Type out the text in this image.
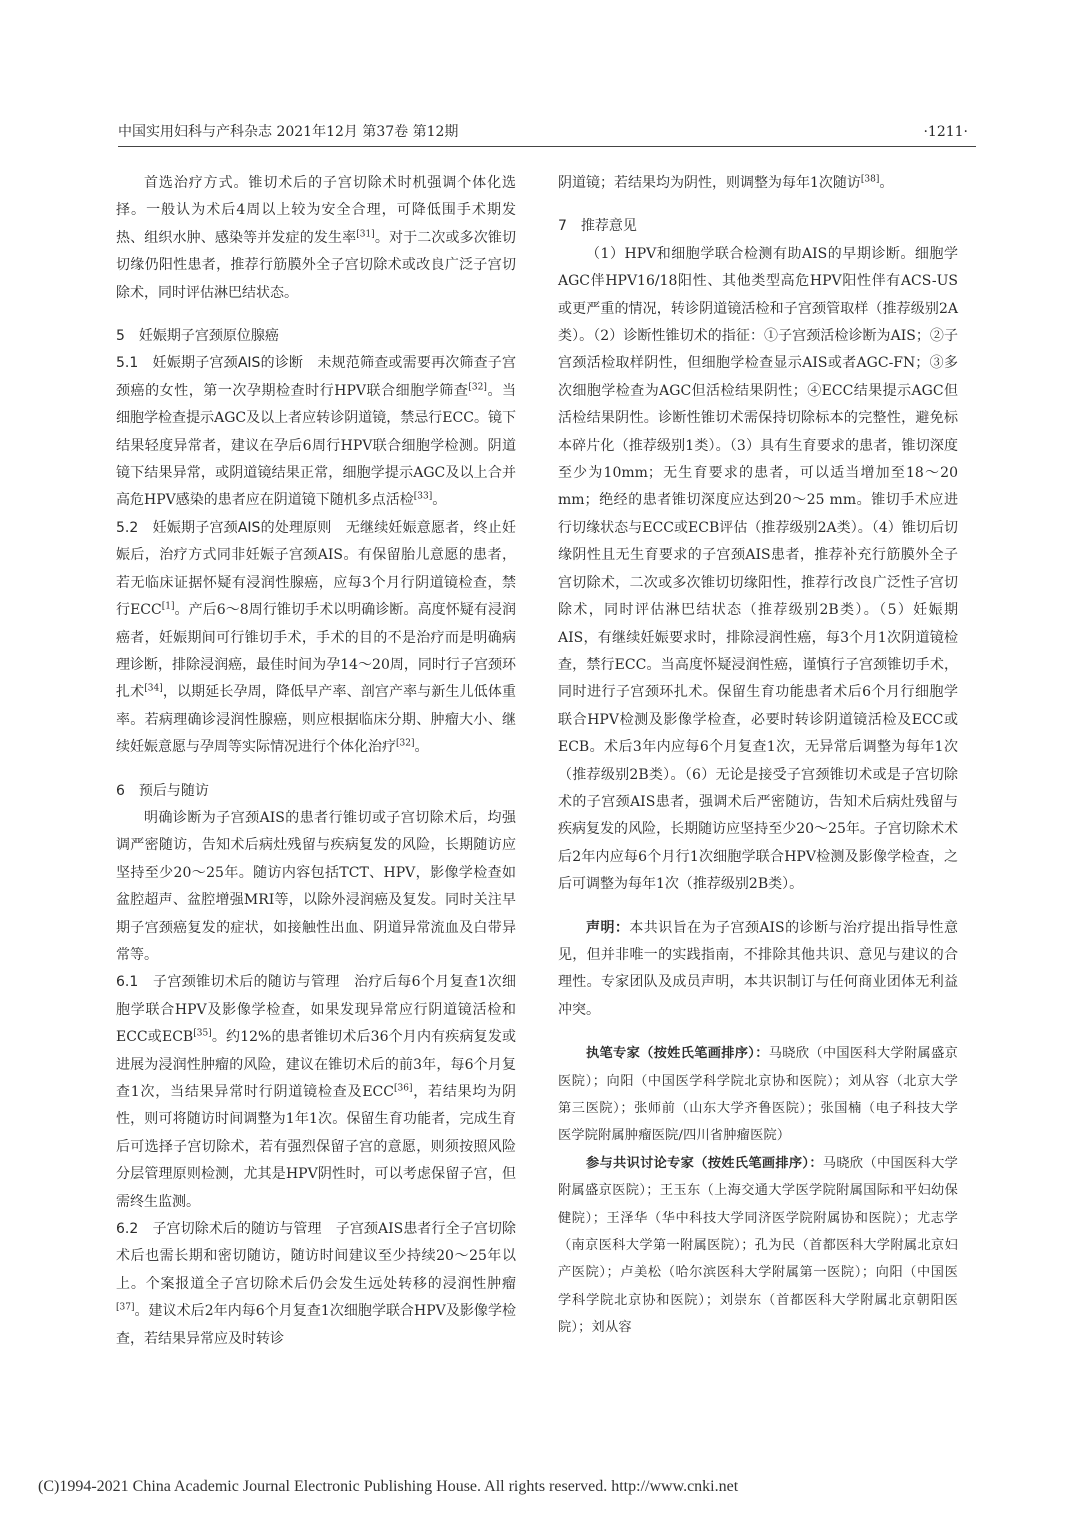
中国实用妇科与产科杂志 2021年12月 第37卷 第12期	·1211·

首选治疗方式。锥切术后的子宫切除术时机强调个体化选择。一般认为术后4周以上较为安全合理，可降低围手术期发热、组织水肿、感染等并发症的发生率[31]。对于二次或多次锥切切缘仍阳性患者，推荐行筋膜外全子宫切除术或改良广泛子宫切除术，同时评估淋巴结状态。

5 妊娠期子宫颈原位腺癌

5.1　妊娠期子宫颈AIS的诊断　未规范筛查或需要再次筛查子宫颈癌的女性，第一次孕期检查时行HPV联合细胞学筛查[32]。当细胞学检查提示AGC及以上者应转诊阴道镜，禁忌行ECC。镜下结果轻度异常者，建议在孕后6周行HPV联合细胞学检测。阴道镜下结果异常，或阴道镜结果正常，细胞学提示AGC及以上合并高危HPV感染的患者应在阴道镜下随机多点活检[33]。

5.2　妊娠期子宫颈AIS的处理原则　无继续妊娠意愿者，终止妊娠后，治疗方式同非妊娠子宫颈AIS。有保留胎儿意愿的患者，若无临床证据怀疑有浸润性腺癌，应每3个月行阴道镜检查，禁行ECC[1]。产后6～8周行锥切手术以明确诊断。高度怀疑有浸润癌者，妊娠期间可行锥切手术，手术的目的不是治疗而是明确病理诊断，排除浸润癌，最佳时间为孕14～20周，同时行子宫颈环扎术[34]，以期延长孕周，降低早产率、剖宫产率与新生儿低体重率。若病理确诊浸润性腺癌，则应根据临床分期、肿瘤大小、继续妊娠意愿与孕周等实际情况进行个体化治疗[32]。

6 预后与随访

明确诊断为子宫颈AIS的患者行锥切或子宫切除术后，均强调严密随访，告知术后病灶残留与疾病复发的风险，长期随访应坚持至少20～25年。随访内容包括TCT、HPV，影像学检查如盆腔超声、盆腔增强MRI等，以除外浸润癌及复发。同时关注早期子宫颈癌复发的症状，如接触性出血、阴道异常流血及白带异常等。

6.1　子宫颈锥切术后的随访与管理　治疗后每6个月复查1次细胞学联合HPV及影像学检查，如果发现异常应行阴道镜活检和ECC或ECB[35]。约12%的患者锥切术后36个月内有疾病复发或进展为浸润性肿瘤的风险，建议在锥切术后的前3年，每6个月复查1次，当结果异常时行阴道镜检查及ECC[36]，若结果均为阴性，则可将随访时间调整为1年1次。保留生育功能者，完成生育后可选择子宫切除术，若有强烈保留子宫的意愿，则须按照风险分层管理原则检测，尤其是HPV阴性时，可以考虑保留子宫，但需终生监测。

6.2　子宫切除术后的随访与管理　子宫颈AIS患者行全子宫切除术后也需长期和密切随访，随访时间建议至少持续20～25年以上。个案报道全子宫切除术后仍会发生远处转移的浸润性肿瘤[37]。建议术后2年内每6个月复查1次细胞学联合HPV及影像学检查，若结果异常应及时转诊

阴道镜；若结果均为阴性，则调整为每年1次随访[38]。

7 推荐意见

（1）HPV和细胞学联合检测有助AIS的早期诊断。细胞学AGC伴HPV16/18阳性、其他类型高危HPV阳性伴有ACS-US或更严重的情况，转诊阴道镜活检和子宫颈管取样（推荐级别2A类）。（2）诊断性锥切术的指征：①子宫颈活检诊断为AIS；②子宫颈活检取样阴性，但细胞学检查显示AIS或者AGC-FN；③多次细胞学检查为AGC但活检结果阴性；④ECC结果提示AGC但活检结果阴性。诊断性锥切术需保持切除标本的完整性，避免标本碎片化（推荐级别1类）。（3）具有生育要求的患者，锥切深度至少为10mm；无生育要求的患者，可以适当增加至18～20 mm；绝经的患者锥切深度应达到20～25 mm。锥切手术应进行切缘状态与ECC或ECB评估（推荐级别2A类）。（4）锥切后切缘阴性且无生育要求的子宫颈AIS患者，推荐补充行筋膜外全子宫切除术，二次或多次锥切切缘阳性，推荐行改良广泛性子宫切除术，同时评估淋巴结状态（推荐级别2B类）。（5）妊娠期AIS，有继续妊娠要求时，排除浸润性癌，每3个月1次阴道镜检查，禁行ECC。当高度怀疑浸润性癌，谨慎行子宫颈锥切手术，同时进行子宫颈环扎术。保留生育功能患者术后6个月行细胞学联合HPV检测及影像学检查，必要时转诊阴道镜活检及ECC或ECB。术后3年内应每6个月复查1次，无异常后调整为每年1次（推荐级别2B类）。（6）无论是接受子宫颈锥切术或是子宫切除术的子宫颈AIS患者，强调术后严密随访，告知术后病灶残留与疾病复发的风险，长期随访应坚持至少20～25年。子宫切除术术后2年内应每6个月行1次细胞学联合HPV检测及影像学检查，之后可调整为每年1次（推荐级别2B类）。

声明：本共识旨在为子宫颈AIS的诊断与治疗提出指导性意见，但并非唯一的实践指南，不排除其他共识、意见与建议的合理性。专家团队及成员声明，本共识制订与任何商业团体无利益冲突。

执笔专家（按姓氏笔画排序）：马晓欣（中国医科大学附属盛京医院）；向阳（中国医学科学院北京协和医院）；刘从容（北京大学第三医院）；张师前（山东大学齐鲁医院）；张国楠（电子科技大学医学院附属肿瘤医院/四川省肿瘤医院）

参与共识讨论专家（按姓氏笔画排序）：马晓欣（中国医科大学附属盛京医院）；王玉东（上海交通大学医学院附属国际和平妇幼保健院）；王泽华（华中科技大学同济医学院附属协和医院）；尤志学（南京医科大学第一附属医院）；孔为民（首都医科大学附属北京妇产医院）；卢美松（哈尔滨医科大学附属第一医院）；向阳（中国医学科学院北京协和医院）；刘崇东（首都医科大学附属北京朝阳医院）；刘从容

(C)1994-2021 China Academic Journal Electronic Publishing House. All rights reserved. http://www.cnki.net
